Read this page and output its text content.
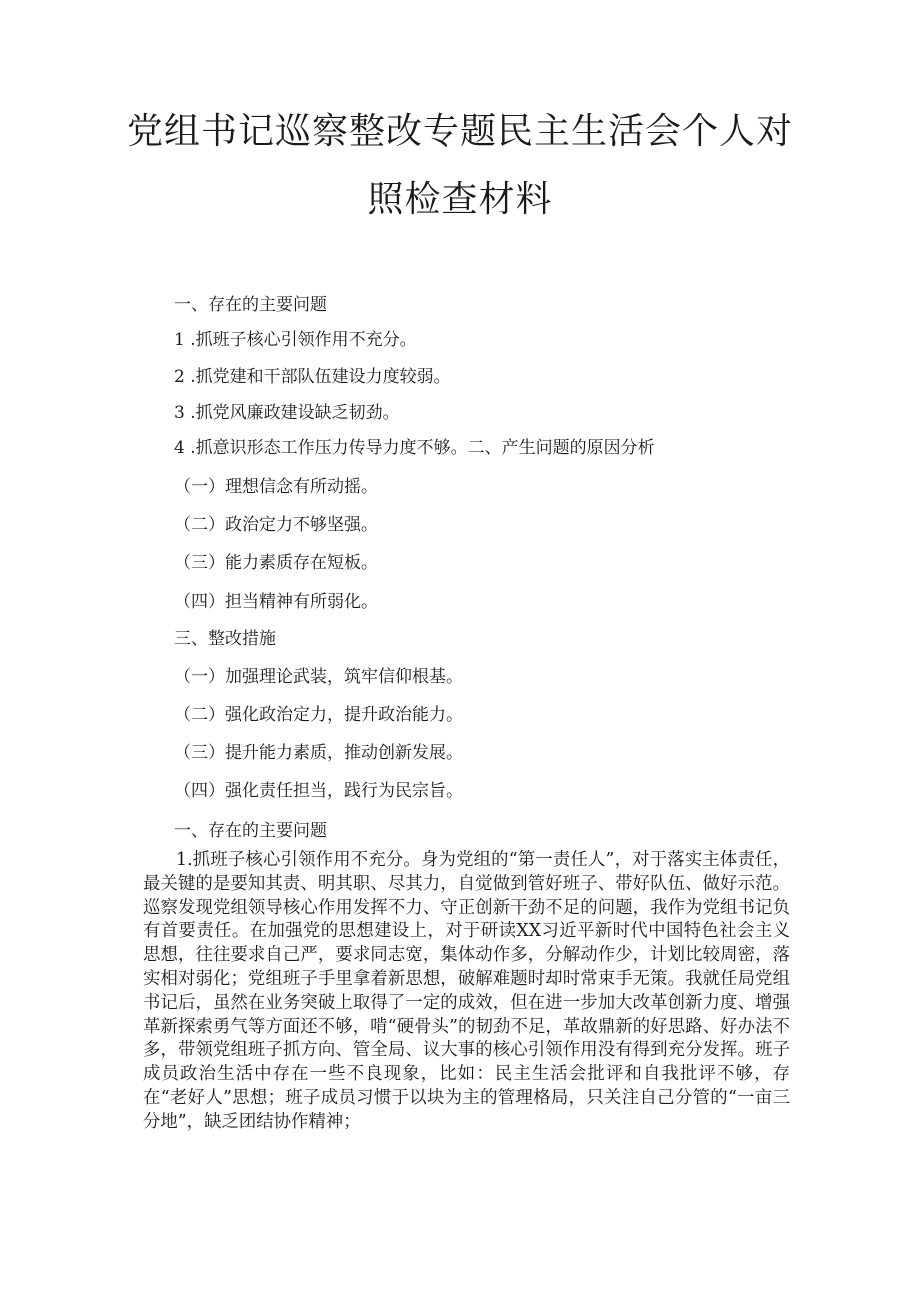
党组书记巡察整改专题民主生活会个人对
照检查材料
一、存在的主要问题
1 .抓班子核心引领作用不充分。
2 .抓党建和干部队伍建设力度较弱。
3 .抓党风廉政建设缺乏韧劲。
4 .抓意识形态工作压力传导力度不够。二、产生问题的原因分析
（一）理想信念有所动摇。
（二）政治定力不够坚强。
（三）能力素质存在短板。
（四）担当精神有所弱化。
三、整改措施
（一）加强理论武装，筑牢信仰根基。
（二）强化政治定力，提升政治能力。
（三）提升能力素质，推动创新发展。
（四）强化责任担当，践行为民宗旨。
一、存在的主要问题

1.抓班子核心引领作用不充分。身为党组的“第一责任人”，对于落实主体责任，最关键的是要知其责、明其职、尽其力，自觉做到管好班子、带好队伍、做好示范。巡察发现党组领导核心作用发挥不力、守正创新干劲不足的问题，我作为党组书记负有首要责任。在加强党的思想建设上，对于研读XX习近平新时代中国特色社会主义思想，往往要求自己严，要求同志宽，集体动作多，分解动作少，计划比较周密，落实相对弱化；党组班子手里拿着新思想，破解难题时却时常束手无策。我就任局党组书记后，虽然在业务突破上取得了一定的成效，但在进一步加大改革创新力度、增强革新探索勇气等方面还不够，啃“硬骨头”的韧劲不足，革故鼎新的好思路、好办法不多，带领党组班子抓方向、管全局、议大事的核心引领作用没有得到充分发挥。班子成员政治生活中存在一些不良现象，比如：民主生活会批评和自我批评不够，存在“老好人”思想；班子成员习惯于以块为主的管理格局，只关注自己分管的“一亩三分地”，缺乏团结协作精神；
